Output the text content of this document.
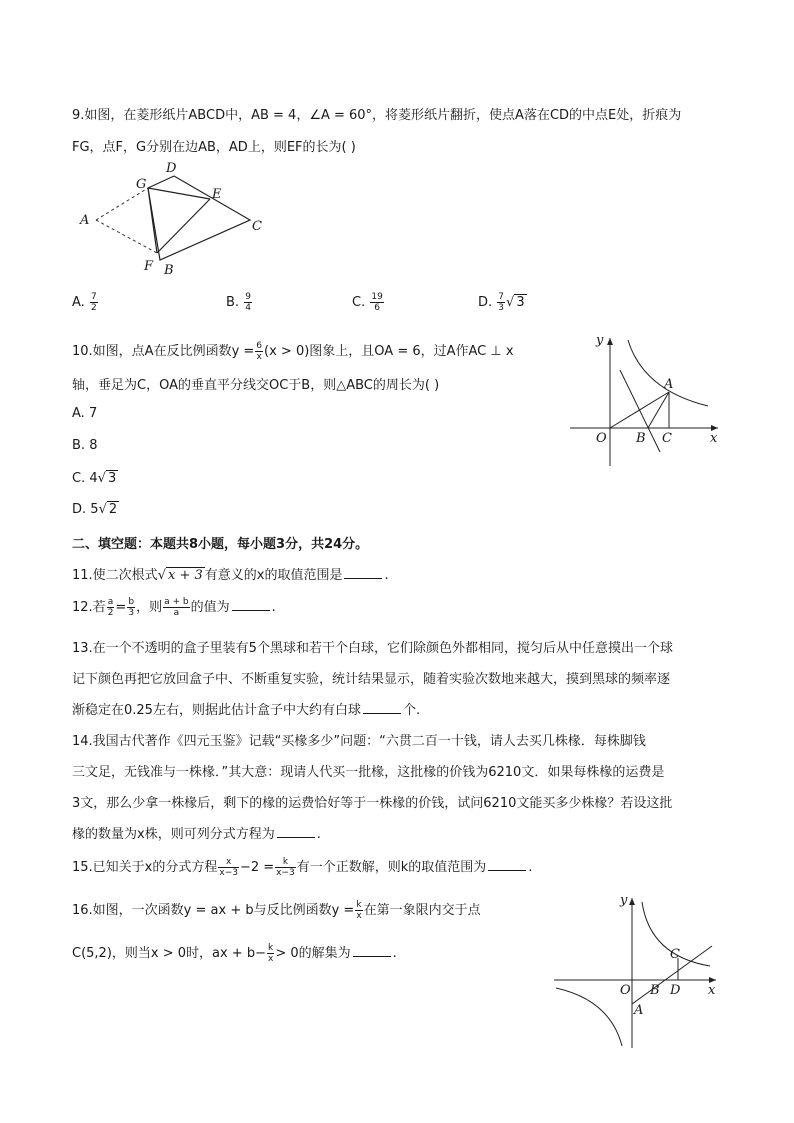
9.如图，在菱形纸片ABCD中，AB = 4，∠A = 60°，将菱形纸片翻折，使点A落在CD的中点E处，折痕为
FG，点F，G分别在边AB，AD上，则EF的长为( )
G
D
E
A	C
F B
A. $\frac{7}{2}$	B. $\frac{9}{4}$	C. $\frac{19}{6}$	D. $\frac{7}{3}$ √ 3
10.如图，点A在反比例函数$y = \frac{6}{x} (x > 0)$图象上，且OA = 6，过A作AC ⊥ x
轴，垂足为C，OA的垂直平分线交OC于B，则△ABC的周长为( )
A. 7
B. 8
C. 4√ 3
D. 5√ 2
y
A
O B C	x
二、填空题：本题共8小题，每小题3分，共24分。
11.使二次根式√ x + 3 有意义的x的取值范围是	.
12.若 $\frac{a}{2} = \frac{b}{3}$ ，则 $\frac{a + b}{a}$ 的值为	.
13.在一个不透明的盒子里装有5个黑球和若干个白球，它们除颜色外都相同，搅匀后从中任意摸出一个球
记下颜色再把它放回盒子中、不断重复实验，统计结果显示，随着实验次数地来越大，摸到黑球的频率逐
渐稳定在0.25左右，则据此估计盒子中大约有白球	个.
14.我国古代著作《四元玉鉴》记载“买椽多少”问题：“六贯二百一十钱，请人去买几株椽．每株脚钱
三文足，无钱准与一株椽．”其大意：现请人代买一批椽，这批椽的价钱为6210文．如果每株椽的运费是
3文，那么少拿一株椽后，剩下的椽的运费恰好等于一株椽的价钱，试问6210文能买多少株椽？若设这批
椽的数量为x株，则可列分式方程为	.
15.已知关于x的分式方程 $\frac{x}{x-3} -2 = \frac{k}{x-3}$ 有一个正数解，则k的取值范围为	.
16.如图，一次函数y = ax + b与反比例函数$y = \frac{k}{x}$ 在第一象限内交于点
C(5,2)，则当x > 0时，ax + $b- \frac{k}{x} > 0$的解集为	.
y
C
O B D x
A
